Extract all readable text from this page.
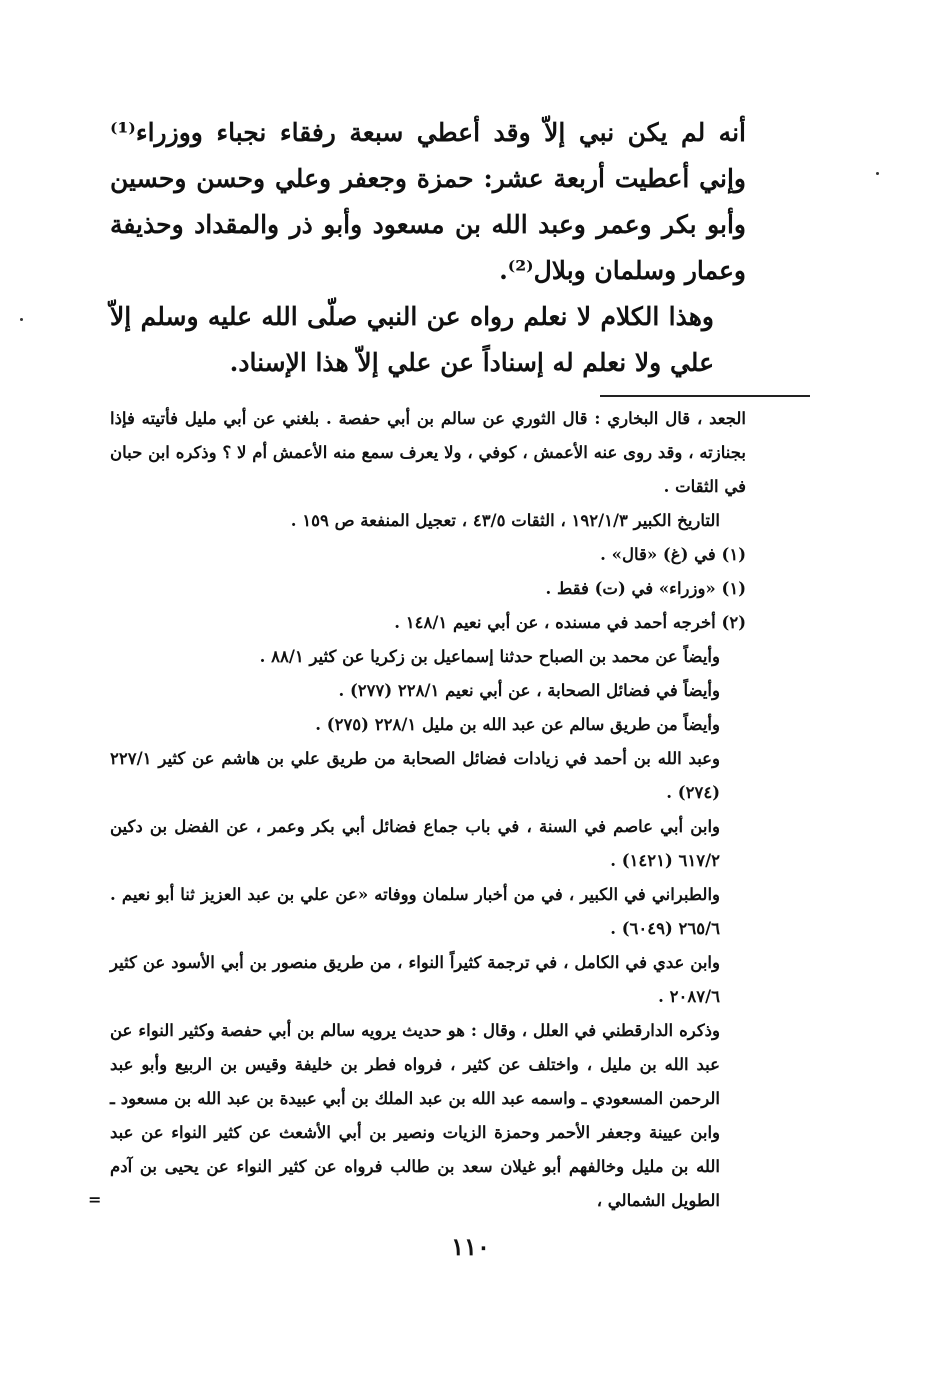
أنه لم يكن نبي إلاّ وقد أعطي سبعة رفقاء نجباء ووزراء⁽¹⁾ وإني أعطيت أربعة عشر: حمزة وجعفر وعلي وحسن وحسين وأبو بكر وعمر وعبد الله بن مسعود وأبو ذر والمقداد وحذيفة وعمار وسلمان وبلال⁽²⁾.

وهذا الكلام لا نعلم رواه عن النبي صلّى الله عليه وسلم إلاّ علي ولا نعلم له إسناداً عن علي إلاّ هذا الإسناد.

الجعد ، قال البخاري : قال الثوري عن سالم بن أبي حفصة . بلغني عن أبي مليل فأتيته فإذا بجنازته ، وقد روى عنه الأعمش ، كوفي ، ولا يعرف سمع منه الأعمش أم لا ؟ وذكره ابن حبان في الثقات .

التاريخ الكبير ١٩٢/١/٣ ، الثقات ٤٣/٥ ، تعجيل المنفعة ص ١٥٩ .

(١) في (غ) «قال» .

(١) «وزراء» في (ت) فقط .

(٢) أخرجه أحمد في مسنده ، عن أبي نعيم ١٤٨/١ .

وأيضاً عن محمد بن الصباح حدثنا إسماعيل بن زكريا عن كثير ٨٨/١ .

وأيضاً في فضائل الصحابة ، عن أبي نعيم ٢٢٨/١ (٢٧٧) .

وأيضاً من طريق سالم عن عبد الله بن مليل ٢٢٨/١ (٢٧٥) .

وعبد الله بن أحمد في زيادات فضائل الصحابة من طريق علي بن هاشم عن كثير ٢٢٧/١ (٢٧٤) .

وابن أبي عاصم في السنة ، في باب جماع فضائل أبي بكر وعمر ، عن الفضل بن دكين ٦١٧/٢ (١٤٢١) .

والطبراني في الكبير ، في من أخبار سلمان ووفاته «عن علي بن عبد العزيز ثنا أبو نعيم . ٢٦٥/٦ (٦٠٤٩) .

وابن عدي في الكامل ، في ترجمة كثيراً النواء ، من طريق منصور بن أبي الأسود عن كثير ٢٠٨٧/٦ .

وذكره الدارقطني في العلل ، وقال : هو حديث يرويه سالم بن أبي حفصة وكثير النواء عن عبد الله بن مليل ، واختلف عن كثير ، فرواه فطر بن خليفة وقيس بن الربيع وأبو عبد الرحمن المسعودي ـ واسمه عبد الله بن عبد الملك بن أبي عبيدة بن عبد الله بن مسعود ـ وابن عيينة وجعفر الأحمر وحمزة الزيات ونصير بن أبي الأشعث عن كثير النواء عن عبد الله بن مليل وخالفهم أبو غيلان سعد بن طالب فرواه عن كثير النواء عن يحيى بن آدم الطويل الشمالي ،

=
١١٠
